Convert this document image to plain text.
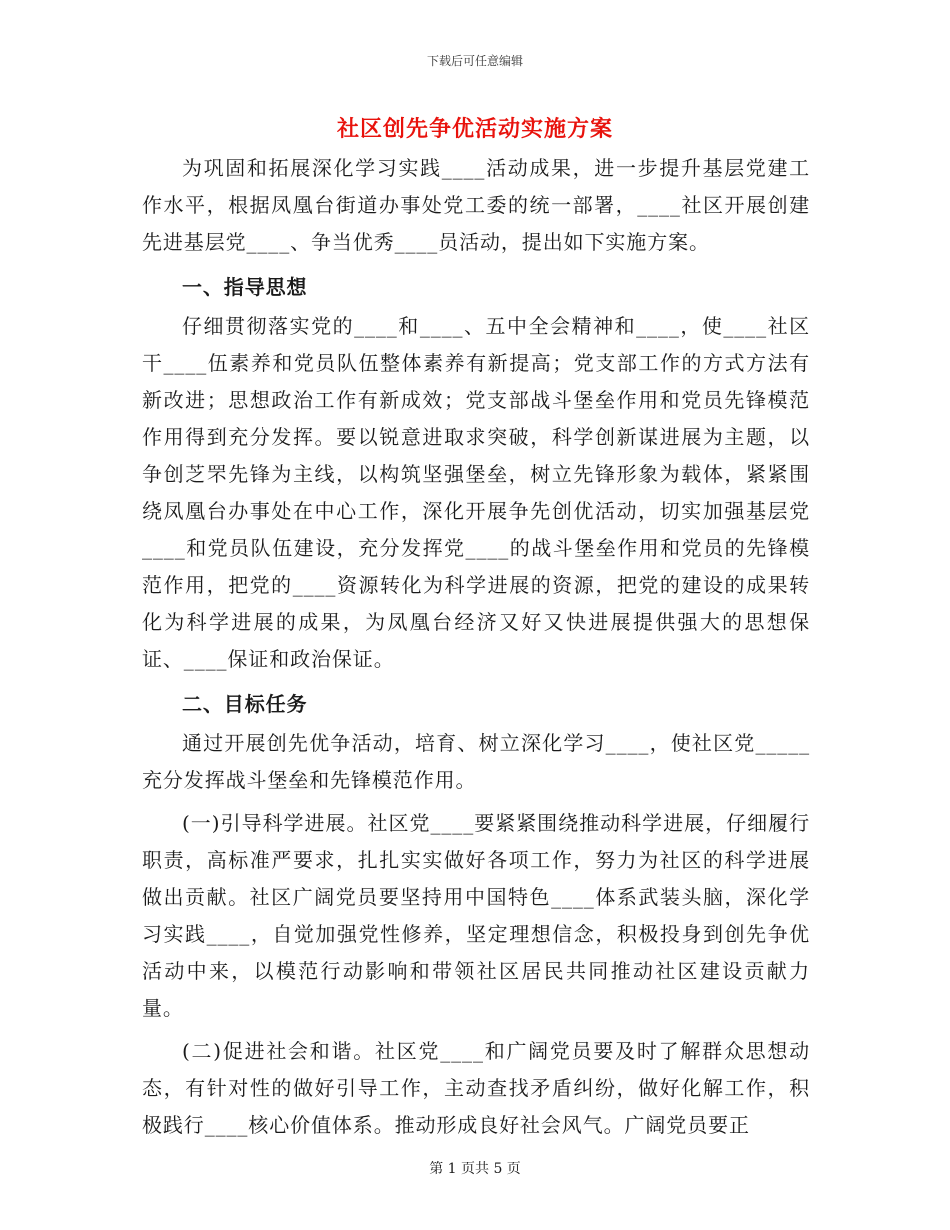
下载后可任意编辑
社区创先争优活动实施方案

为巩固和拓展深化学习实践____活动成果，进一步提升基层党建工作水平，根据凤凰台街道办事处党工委的统一部署，____社区开展创建先进基层党____、争当优秀____员活动，提出如下实施方案。

一、指导思想

仔细贯彻落实党的____和____、五中全会精神和____，使____社区干____伍素养和党员队伍整体素养有新提高；党支部工作的方式方法有新改进；思想政治工作有新成效；党支部战斗堡垒作用和党员先锋模范作用得到充分发挥。要以锐意进取求突破，科学创新谋进展为主题，以争创芝罘先锋为主线，以构筑坚强堡垒，树立先锋形象为载体，紧紧围绕凤凰台办事处在中心工作，深化开展争先创优活动，切实加强基层党____和党员队伍建设，充分发挥党____的战斗堡垒作用和党员的先锋模范作用，把党的____资源转化为科学进展的资源，把党的建设的成果转化为科学进展的成果，为凤凰台经济又好又快进展提供强大的思想保证、____保证和政治保证。

二、目标任务

通过开展创先优争活动，培育、树立深化学习____，使社区党_____充分发挥战斗堡垒和先锋模范作用。

(一)引导科学进展。社区党____要紧紧围绕推动科学进展，仔细履行职责，高标准严要求，扎扎实实做好各项工作，努力为社区的科学进展做出贡献。社区广阔党员要坚持用中国特色____体系武装头脑，深化学习实践____，自觉加强党性修养，坚定理想信念，积极投身到创先争优活动中来，以模范行动影响和带领社区居民共同推动社区建设贡献力量。

(二)促进社会和谐。社区党____和广阔党员要及时了解群众思想动态，有针对性的做好引导工作，主动查找矛盾纠纷，做好化解工作，积极践行____核心价值体系。推动形成良好社会风气。广阔党员要正

第 1 页共 5 页
